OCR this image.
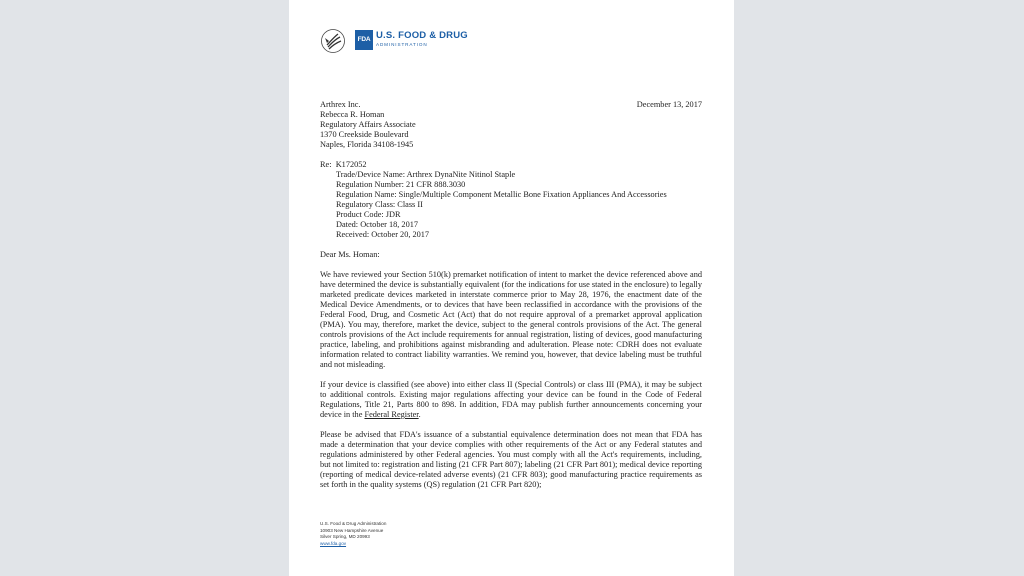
FDA U.S. FOOD & DRUG
ADMINISTRATION
December 13, 2017
Arthrex Inc.
Rebecca R. Homan
Regulatory Affairs Associate
1370 Creekside Boulevard
Naples, Florida 34108-1945
Re: K172052
Trade/Device Name: Arthrex DynaNite Nitinol Staple
Regulation Number: 21 CFR 888.3030
Regulation Name: Single/Multiple Component Metallic Bone Fixation Appliances And Accessories
Regulatory Class: Class II
Product Code: JDR
Dated: October 18, 2017
Received: October 20, 2017
Dear Ms. Homan:
We have reviewed your Section 510(k) premarket notification of intent to market the device referenced above and have determined the device is substantially equivalent (for the indications for use stated in the enclosure) to legally marketed predicate devices marketed in interstate commerce prior to May 28, 1976, the enactment date of the Medical Device Amendments, or to devices that have been reclassified in accordance with the provisions of the Federal Food, Drug, and Cosmetic Act (Act) that do not require approval of a premarket approval application (PMA). You may, therefore, market the device, subject to the general controls provisions of the Act. The general controls provisions of the Act include requirements for annual registration, listing of devices, good manufacturing practice, labeling, and prohibitions against misbranding and adulteration. Please note: CDRH does not evaluate information related to contract liability warranties. We remind you, however, that device labeling must be truthful and not misleading.
If your device is classified (see above) into either class II (Special Controls) or class III (PMA), it may be subject to additional controls. Existing major regulations affecting your device can be found in the Code of Federal Regulations, Title 21, Parts 800 to 898. In addition, FDA may publish further announcements concerning your device in the Federal Register.
Please be advised that FDA's issuance of a substantial equivalence determination does not mean that FDA has made a determination that your device complies with other requirements of the Act or any Federal statutes and regulations administered by other Federal agencies. You must comply with all the Act's requirements, including, but not limited to: registration and listing (21 CFR Part 807); labeling (21 CFR Part 801); medical device reporting (reporting of medical device-related adverse events) (21 CFR 803); good manufacturing practice requirements as set forth in the quality systems (QS) regulation (21 CFR Part 820);
U.S. Food & Drug Administration
10903 New Hampshire Avenue
Silver Spring, MD 20993
www.fda.gov
